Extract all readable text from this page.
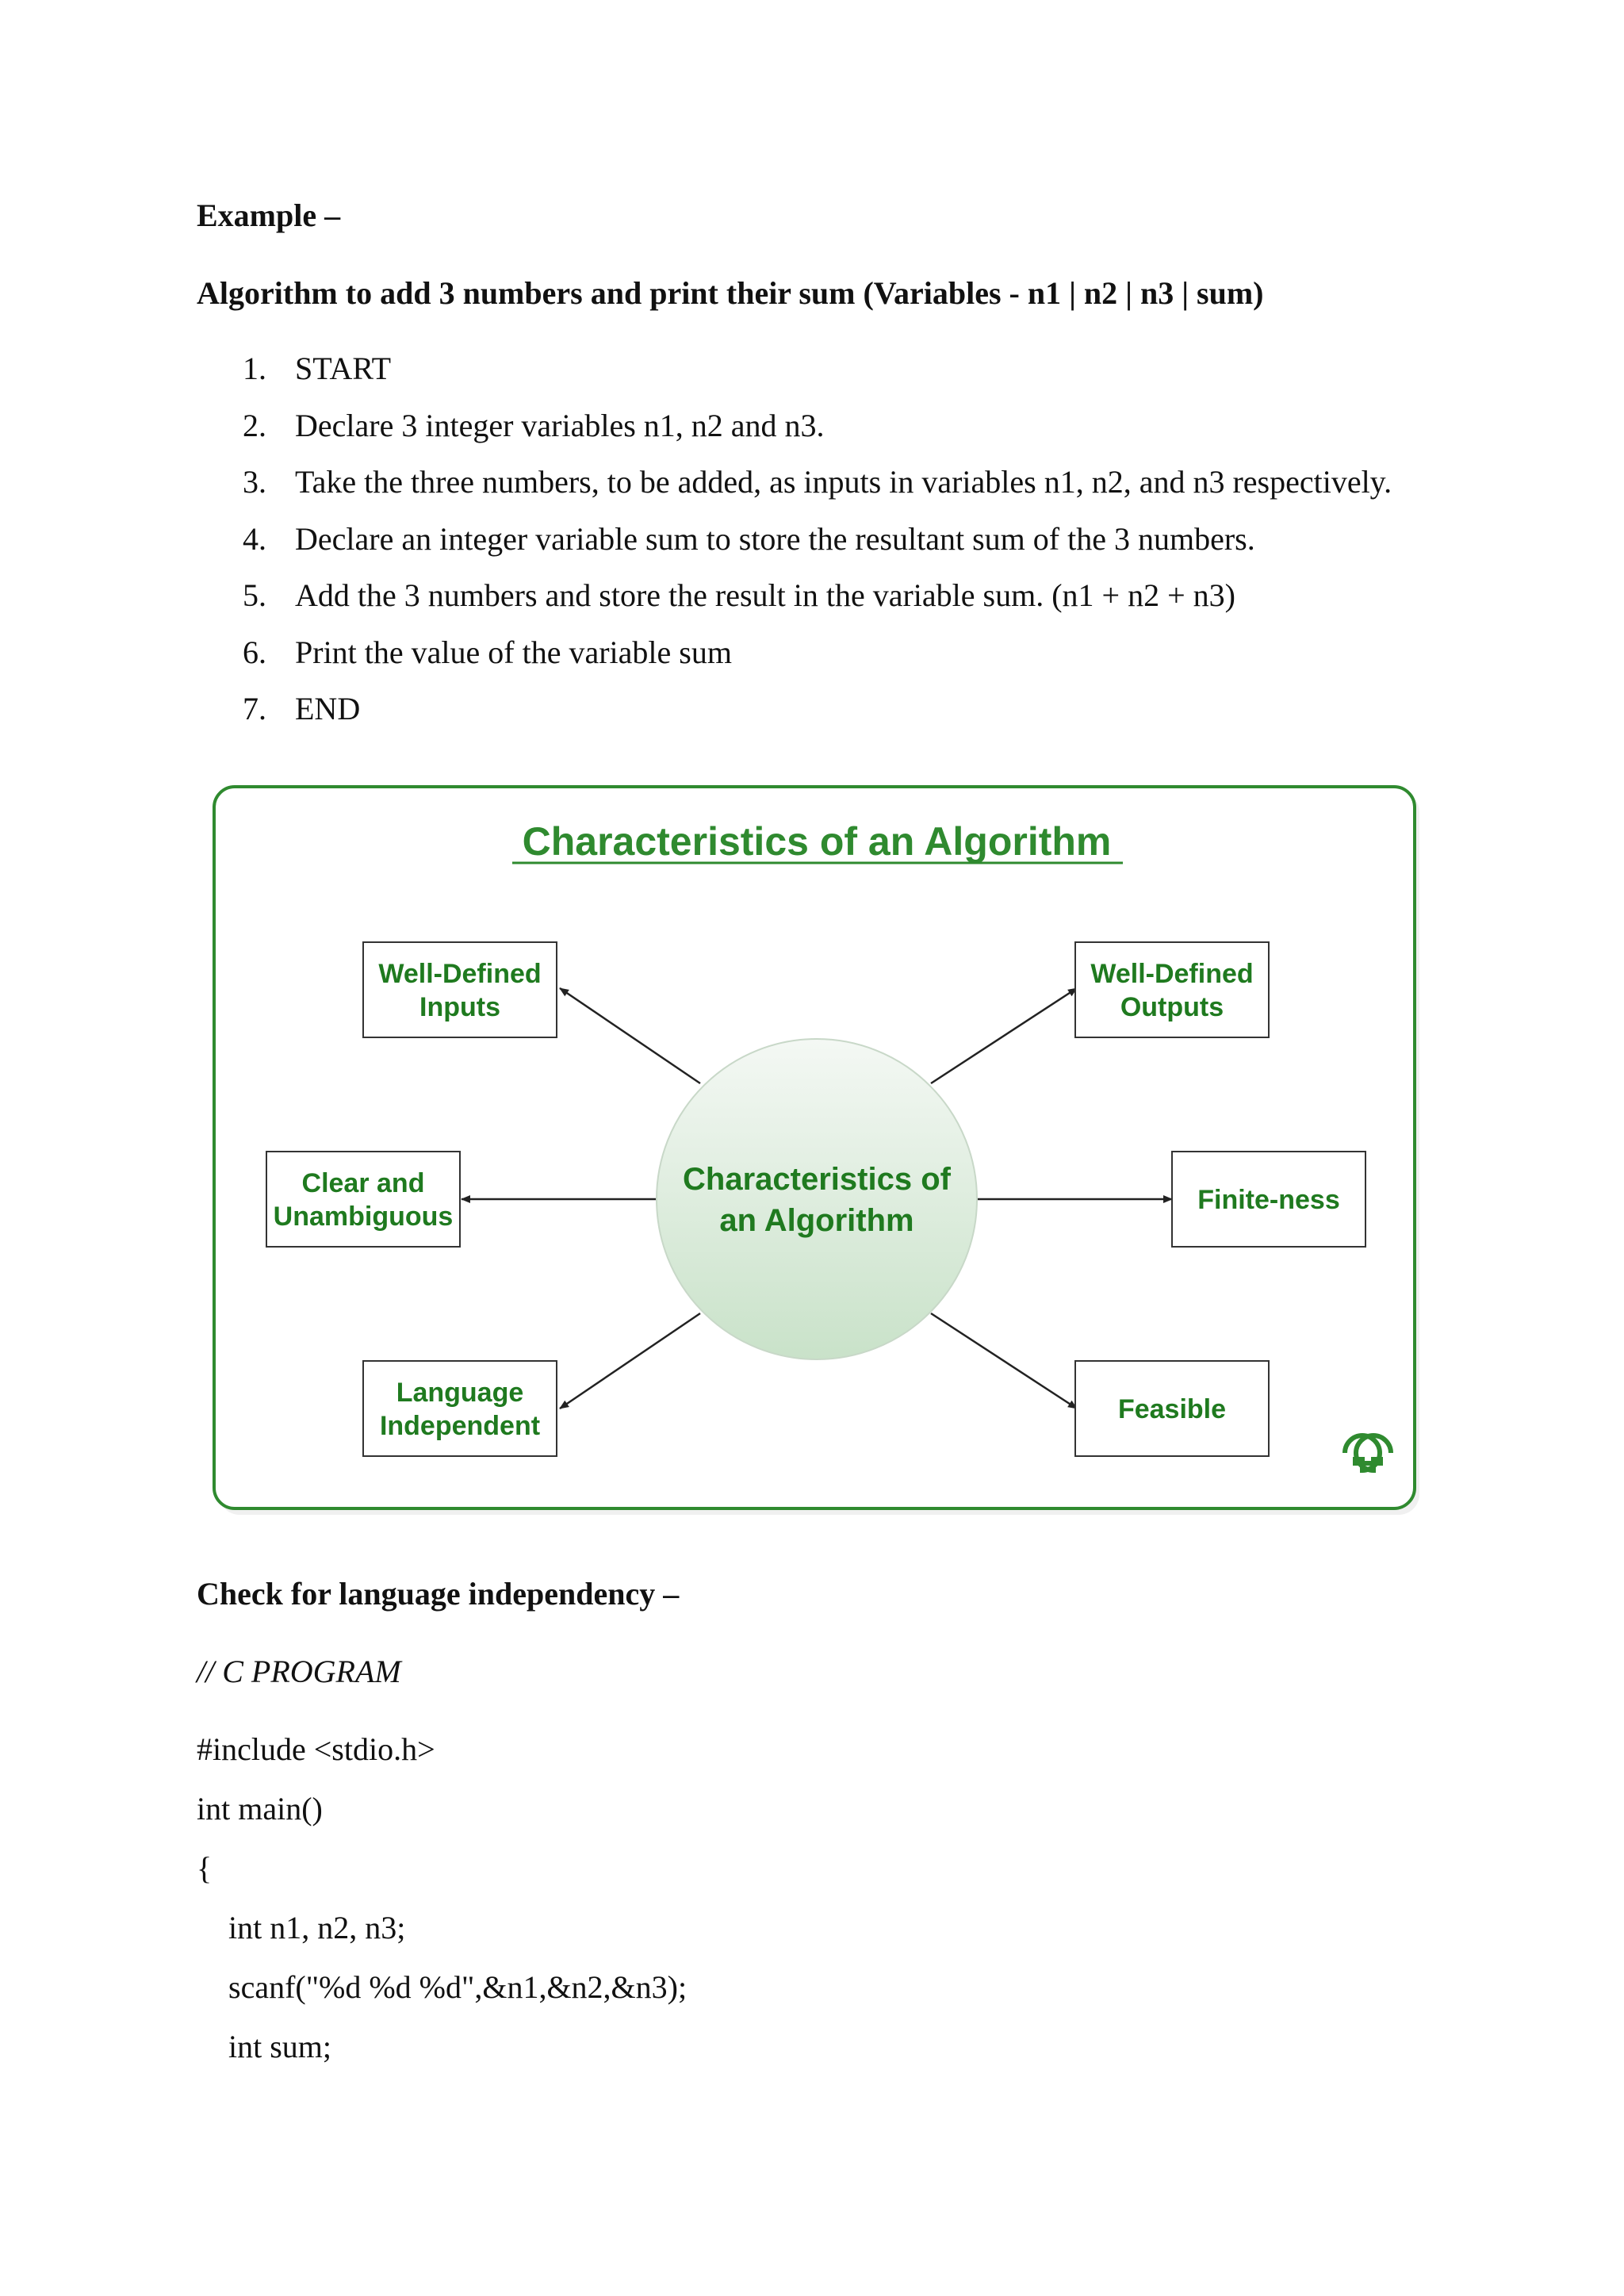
Example –
Algorithm to add 3 numbers and print their sum (Variables - n1 | n2 | n3 | sum)
1. START
2. Declare 3 integer variables n1, n2 and n3.
3. Take the three numbers, to be added, as inputs in variables n1, n2, and n3 respectively.
4. Declare an integer variable sum to store the resultant sum of the 3 numbers.
5. Add the 3 numbers and store the result in the variable sum. (n1 + n2 + n3)
6. Print the value of the variable sum
7. END
Characteristics of an Algorithm
Characteristics of
an Algorithm
Well-Defined
Inputs
Well-Defined
Outputs
Clear and
Unambiguous
Finite-ness
Language
Independent
Feasible
Check for language independency –
// C PROGRAM
#include <stdio.h>
int main()
{
int n1, n2, n3;
scanf("%d %d %d",&n1,&n2,&n3);
int sum;
